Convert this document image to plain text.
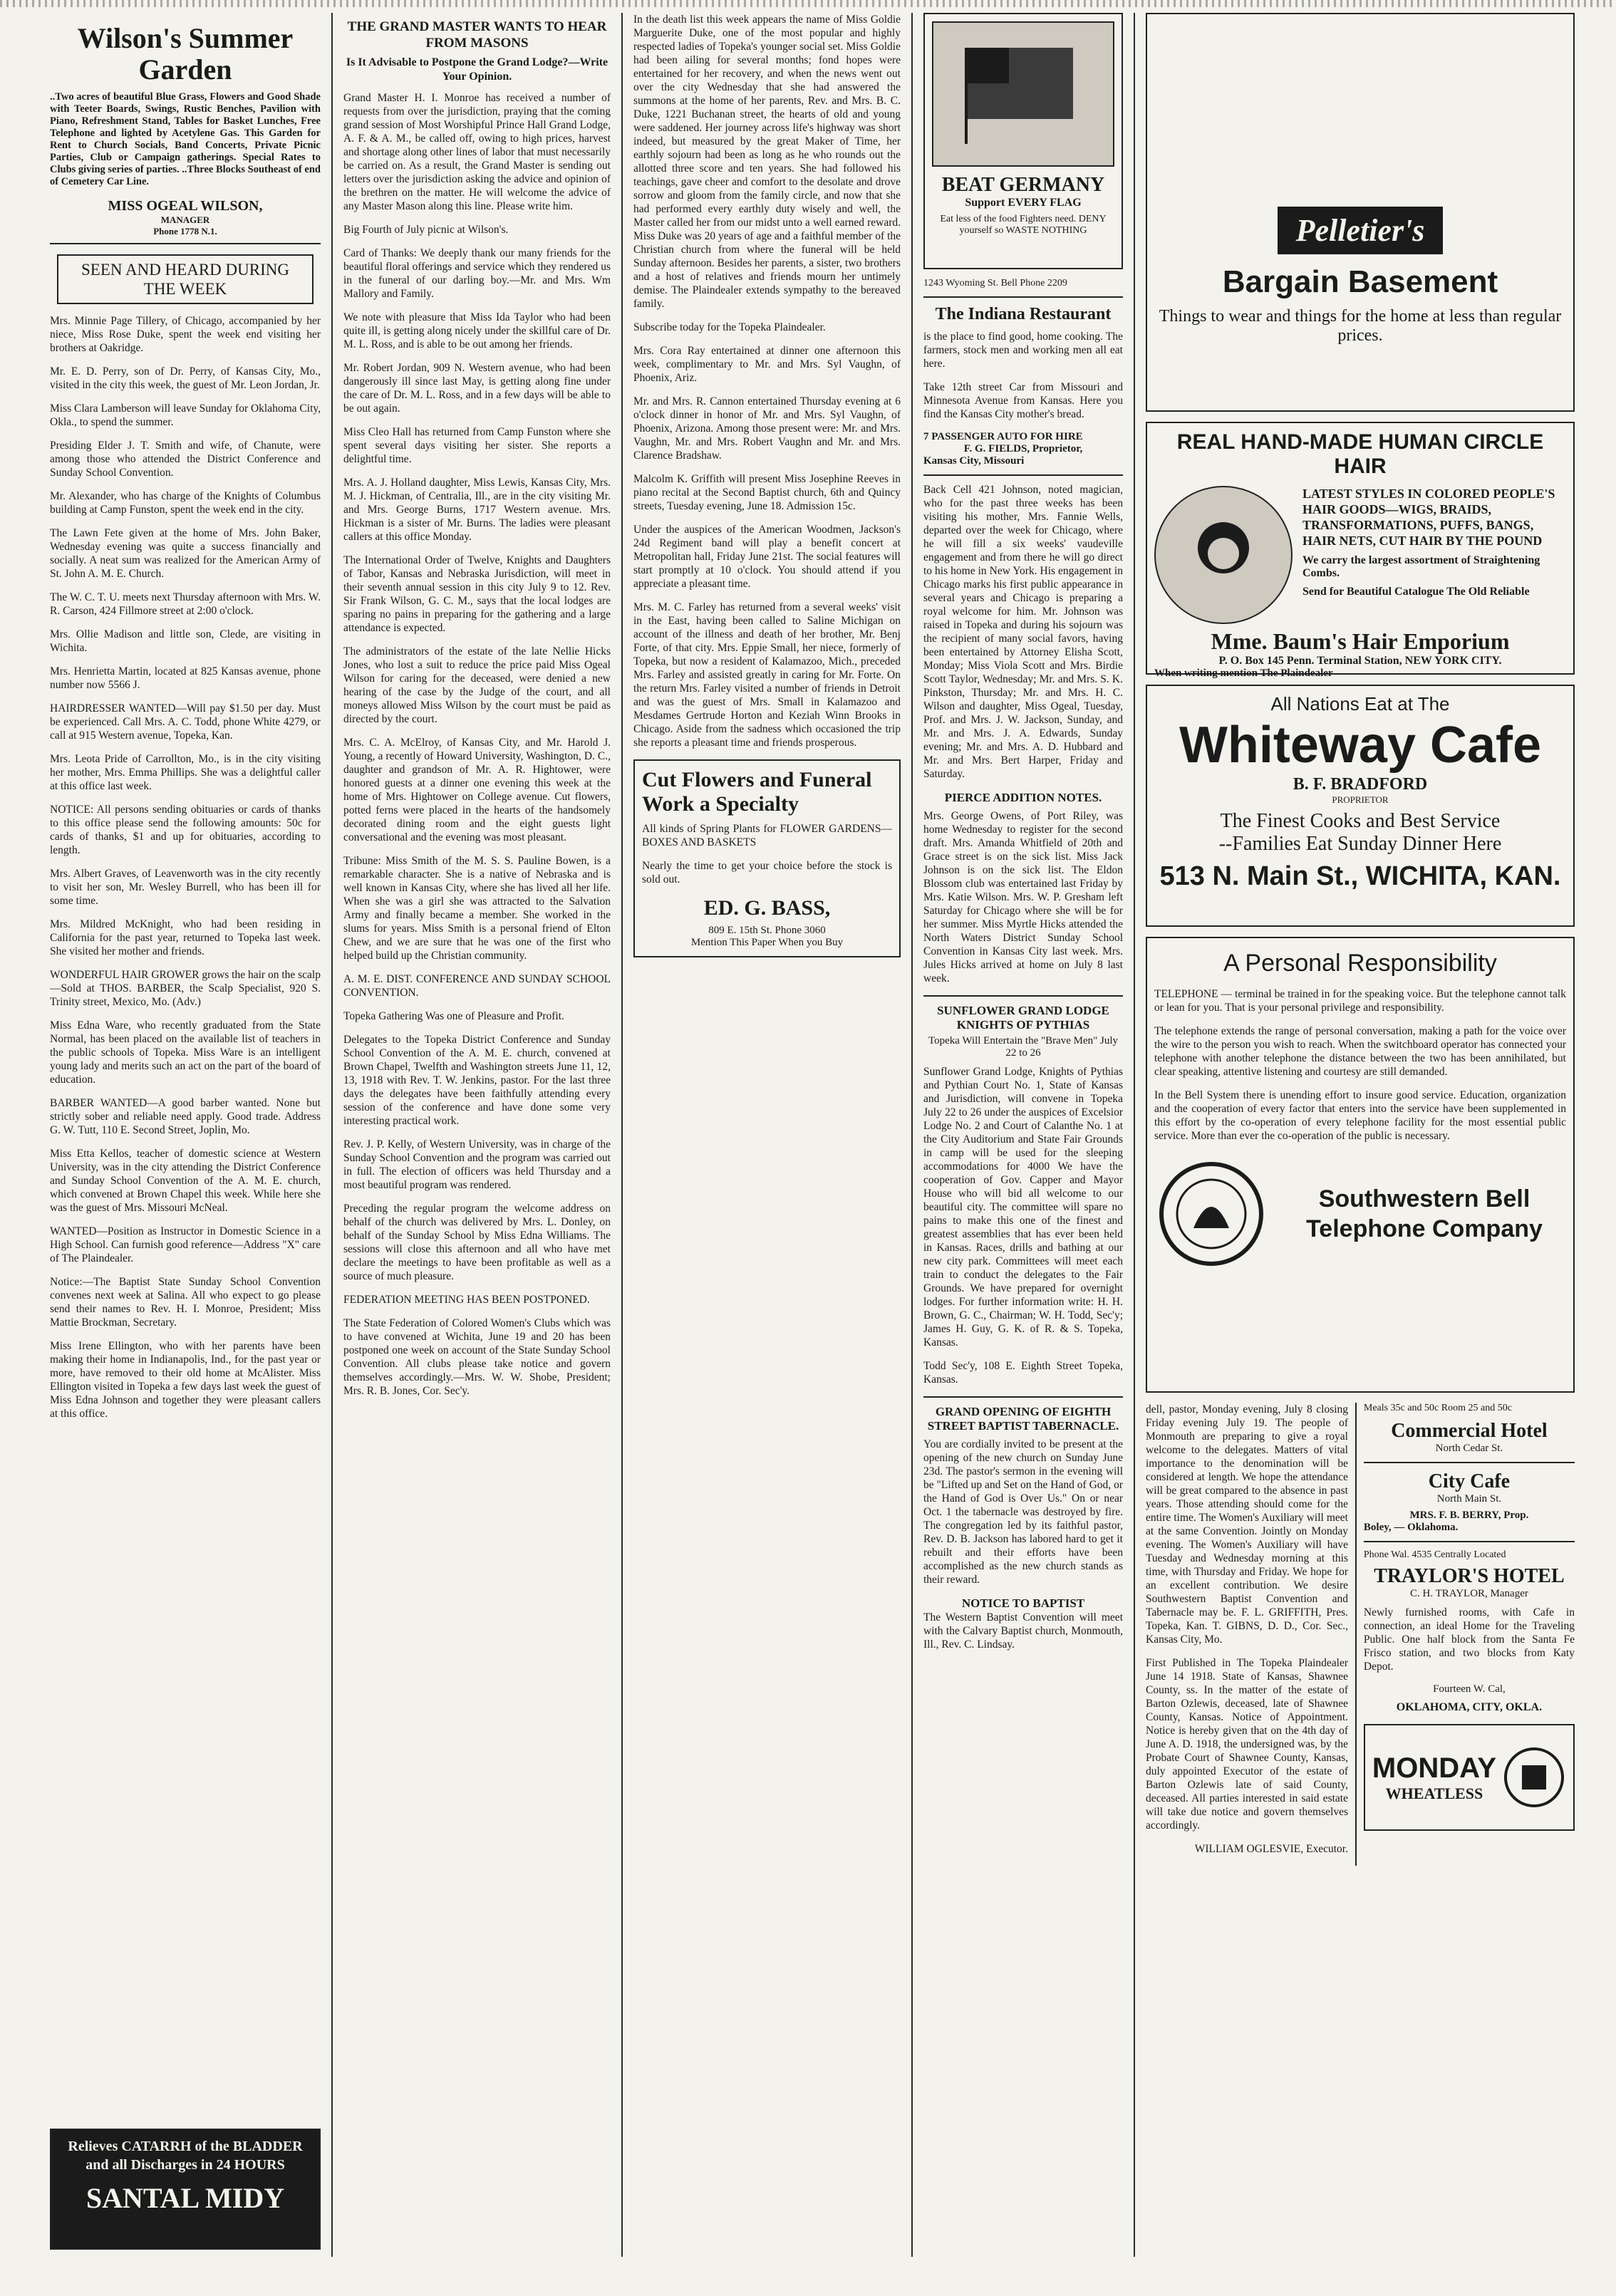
Wilson's Summer Garden

..Two acres of beautiful Blue Grass, Flowers and Good Shade with Teeter Boards, Swings, Rustic Benches, Pavilion with Piano, Refreshment Stand, Tables for Basket Lunches, Free Telephone and lighted by Acetylene Gas. This Garden for Rent to Church Socials, Band Concerts, Private Picnic Parties, Club or Campaign gatherings. Special Rates to Clubs giving series of parties. ..Three Blocks Southeast of end of Cemetery Car Line.

MISS OGEAL WILSON,
MANAGER
Phone 1778 N.1.
SEEN AND HEARD DURING THE WEEK

Mrs. Minnie Page Tillery, of Chicago, accompanied by her niece, Miss Rose Duke, spent the week end visiting her brothers at Oakridge.

Mr. E. D. Perry, son of Dr. Perry, of Kansas City, Mo., visited in the city this week, the guest of Mr. Leon Jordan, Jr.

Miss Clara Lamberson will leave Sunday for Oklahoma City, Okla., to spend the summer.

Presiding Elder J. T. Smith and wife, of Chanute, were among those who attended the District Conference and Sunday School Convention.

Mr. Alexander, who has charge of the Knights of Columbus building at Camp Funston, spent the week end in the city.

The Lawn Fete given at the home of Mrs. John Baker, Wednesday evening was quite a success financially and socially. A neat sum was realized for the American Army of St. John A. M. E. Church.

The W. C. T. U. meets next Thursday afternoon with Mrs. W. R. Carson, 424 Fillmore street at 2:00 o'clock.

Mrs. Ollie Madison and little son, Clede, are visiting in Wichita.

Mrs. Henrietta Martin, located at 825 Kansas avenue, phone number now 5566 J.

HAIRDRESSER WANTED—Will pay $1.50 per day. Must be experienced. Call Mrs. A. C. Todd, phone White 4279, or call at 915 Western avenue, Topeka, Kan.

Mrs. Leota Pride of Carrollton, Mo., is in the city visiting her mother, Mrs. Emma Phillips. She was a delightful caller at this office last week.

NOTICE: All persons sending obituaries or cards of thanks to this office please send the following amounts: 50c for cards of thanks, $1 and up for obituaries, according to length.

Mrs. Albert Graves, of Leavenworth was in the city recently to visit her son, Mr. Wesley Burrell, who has been ill for some time.

Mrs. Mildred McKnight, who had been residing in California for the past year, returned to Topeka last week. She visited her mother and friends.

WONDERFUL HAIR GROWER grows the hair on the scalp—Sold at THOS. BARBER, the Scalp Specialist, 920 S. Trinity street, Mexico, Mo. (Adv.)

Miss Edna Ware, who recently graduated from the State Normal, has been placed on the available list of teachers in the public schools of Topeka. Miss Ware is an intelligent young lady and merits such an act on the part of the board of education.

BARBER WANTED—A good barber wanted. None but strictly sober and reliable need apply. Good trade. Address G. W. Tutt, 110 E. Second Street, Joplin, Mo.

Miss Etta Kellos, teacher of domestic science at Western University, was in the city attending the District Conference and Sunday School Convention of the A. M. E. church, which convened at Brown Chapel this week. While here she was the guest of Mrs. Missouri McNeal.

WANTED—Position as Instructor in Domestic Science in a High School. Can furnish good reference—Address "X" care of The Plaindealer.

Notice:—The Baptist State Sunday School Convention convenes next week at Salina. All who expect to go please send their names to Rev. H. I. Monroe, President; Miss Mattie Brockman, Secretary.

Miss Irene Ellington, who with her parents have been making their home in Indianapolis, Ind., for the past year or more, have removed to their old home at McAlister. Miss Ellington visited in Topeka a few days last week the guest of Miss Edna Johnson and together they were pleasant callers at this office.

Relieves CATARRH of the BLADDER and all Discharges in 24 HOURS
SANTAL MIDY
THE GRAND MASTER WANTS TO HEAR FROM MASONS
Is It Advisable to Postpone the Grand Lodge?—Write Your Opinion.

Grand Master H. I. Monroe has received a number of requests from over the jurisdiction, praying that the coming grand session of Most Worshipful Prince Hall Grand Lodge, A. F. & A. M., be called off, owing to high prices, harvest and shortage along other lines of labor that must necessarily be carried on. As a result, the Grand Master is sending out letters over the jurisdiction asking the advice and opinion of the brethren on the matter. He will welcome the advice of any Master Mason along this line. Please write him.

Big Fourth of July picnic at Wilson's.

Card of Thanks: We deeply thank our many friends for the beautiful floral offerings and service which they rendered us in the funeral of our darling boy.—Mr. and Mrs. Wm Mallory and Family.

We note with pleasure that Miss Ida Taylor who had been quite ill, is getting along nicely under the skillful care of Dr. M. L. Ross, and is able to be out among her friends.

Mr. Robert Jordan, 909 N. Western avenue, who had been dangerously ill since last May, is getting along fine under the care of Dr. M. L. Ross, and in a few days will be able to be out again.

Miss Cleo Hall has returned from Camp Funston where she spent several days visiting her sister. She reports a delightful time.

Mrs. A. J. Holland daughter, Miss Lewis, Kansas City, Mrs. M. J. Hickman, of Centralia, Ill., are in the city visiting Mr. and Mrs. George Burns, 1717 Western avenue. Mrs. Hickman is a sister of Mr. Burns. The ladies were pleasant callers at this office Monday.

The International Order of Twelve, Knights and Daughters of Tabor, Kansas and Nebraska Jurisdiction, will meet in their seventh annual session in this city July 9 to 12. Rev. Sir Frank Wilson, G. C. M., says that the local lodges are sparing no pains in preparing for the gathering and a large attendance is expected.

The administrators of the estate of the late Nellie Hicks Jones, who lost a suit to reduce the price paid Miss Ogeal Wilson for caring for the deceased, were denied a new hearing of the case by the Judge of the court, and all moneys allowed Miss Wilson by the court must be paid as directed by the court.

Mrs. C. A. McElroy, of Kansas City, and Mr. Harold J. Young, a recently of Howard University, Washington, D. C., daughter and grandson of Mr. A. R. Hightower, were honored guests at a dinner one evening this week at the home of Mrs. Hightower on College avenue. Cut flowers, potted ferns were placed in the hearts of the handsomely decorated dining room and the eight guests light conversational and the evening was most pleasant.

Tribune: Miss Smith of the M. S. S. Pauline Bowen, is a remarkable character. She is a native of Nebraska and is well known in Kansas City, where she has lived all her life. When she was a girl she was attracted to the Salvation Army and finally became a member. She worked in the slums for years. Miss Smith is a personal friend of Elton Chew, and we are sure that he was one of the first who helped build up the Christian community.

A. M. E. DIST. CONFERENCE AND SUNDAY SCHOOL CONVENTION.

Topeka Gathering Was one of Pleasure and Profit.

Delegates to the Topeka District Conference and Sunday School Convention of the A. M. E. church, convened at Brown Chapel, Twelfth and Washington streets June 11, 12, 13, 1918 with Rev. T. W. Jenkins, pastor. For the last three days the delegates have been faithfully attending every session of the conference and have done some very interesting practical work.

Rev. J. P. Kelly, of Western University, was in charge of the Sunday School Convention and the program was carried out in full. The election of officers was held Thursday and a most beautiful program was rendered.

Preceding the regular program the welcome address on behalf of the church was delivered by Mrs. L. Donley, on behalf of the Sunday School by Miss Edna Williams. The sessions will close this afternoon and all who have met declare the meetings to have been profitable as well as a source of much pleasure.

FEDERATION MEETING HAS BEEN POSTPONED.

The State Federation of Colored Women's Clubs which was to have convened at Wichita, June 19 and 20 has been postponed one week on account of the State Sunday School Convention. All clubs please take notice and govern themselves accordingly.—Mrs. W. W. Shobe, President; Mrs. R. B. Jones, Cor. Sec'y.

In the death list this week appears the name of Miss Goldie Marguerite Duke, one of the most popular and highly respected ladies of Topeka's younger social set. Miss Goldie had been ailing for several months; fond hopes were entertained for her recovery, and when the news went out over the city Wednesday that she had answered the summons at the home of her parents, Rev. and Mrs. B. C. Duke, 1221 Buchanan street, the hearts of old and young were saddened. Her journey across life's highway was short indeed, but measured by the great Maker of Time, her earthly sojourn had been as long as he who rounds out the allotted three score and ten years. She had followed his teachings, gave cheer and comfort to the desolate and drove sorrow and gloom from the family circle, and now that she had performed every earthly duty wisely and well, the Master called her from our midst unto a well earned reward. Miss Duke was 20 years of age and a faithful member of the Christian church from where the funeral will be held Sunday afternoon. Besides her parents, a sister, two brothers and a host of relatives and friends mourn her untimely demise. The Plaindealer extends sympathy to the bereaved family.

Subscribe today for the Topeka Plaindealer.

Mrs. Cora Ray entertained at dinner one afternoon this week, complimentary to Mr. and Mrs. Syl Vaughn, of Phoenix, Ariz.

Mr. and Mrs. R. Cannon entertained Thursday evening at 6 o'clock dinner in honor of Mr. and Mrs. Syl Vaughn, of Phoenix, Arizona. Among those present were: Mr. and Mrs. Vaughn, Mr. and Mrs. Robert Vaughn and Mr. and Mrs. Clarence Bradshaw.

Malcolm K. Griffith will present Miss Josephine Reeves in piano recital at the Second Baptist church, 6th and Quincy streets, Tuesday evening, June 18. Admission 15c.

Under the auspices of the American Woodmen, Jackson's 24d Regiment band will play a benefit concert at Metropolitan hall, Friday June 21st. The social features will start promptly at 10 o'clock. You should attend if you appreciate a pleasant time.

Mrs. M. C. Farley has returned from a several weeks' visit in the East, having been called to Saline Michigan on account of the illness and death of her brother, Mr. Benj Forte, of that city. Mrs. Eppie Small, her niece, formerly of Topeka, but now a resident of Kalamazoo, Mich., preceded Mrs. Farley and assisted greatly in caring for Mr. Forte. On the return Mrs. Farley visited a number of friends in Detroit and was the guest of Mrs. Small in Kalamazoo and Mesdames Gertrude Horton and Keziah Winn Brooks in Chicago. Aside from the sadness which occasioned the trip she reports a pleasant time and friends prosperous.

Cut Flowers and Funeral Work a Specialty

All kinds of Spring Plants for FLOWER GARDENS—BOXES AND BASKETS

Nearly the time to get your choice before the stock is sold out.

ED. G. BASS,
809 E. 15th St. Phone 3060
Mention This Paper When you Buy
BEAT GERMANY
Support EVERY FLAG
Eat less of the food Fighters need. DENY yourself so WASTE NOTHING
1243 Wyoming St. Bell Phone 2209
The Indiana Restaurant

is the place to find good, home cooking. The farmers, stock men and working men all eat here.

Take 12th street Car from Missouri and Minnesota Avenue from Kansas. Here you find the Kansas City mother's bread.

7 PASSENGER AUTO FOR HIRE
F. G. FIELDS, Proprietor,
Kansas City, Missouri

Back Cell 421 Johnson, noted magician, who for the past three weeks has been visiting his mother, Mrs. Fannie Wells, departed over the week for Chicago, where he will fill a six weeks' vaudeville engagement and from there he will go direct to his home in New York. His engagement in Chicago marks his first public appearance in several years and Chicago is preparing a royal welcome for him. Mr. Johnson was raised in Topeka and during his sojourn was the recipient of many social favors, having been entertained by Attorney Elisha Scott, Monday; Miss Viola Scott and Mrs. Birdie Scott Taylor, Wednesday; Mr. and Mrs. S. K. Pinkston, Thursday; Mr. and Mrs. H. C. Wilson and daughter, Miss Ogeal, Tuesday, Prof. and Mrs. J. W. Jackson, Sunday, and Mr. and Mrs. J. A. Edwards, Sunday evening; Mr. and Mrs. A. D. Hubbard and Mr. and Mrs. Bert Harper, Friday and Saturday.

PIERCE ADDITION NOTES.

Mrs. George Owens, of Port Riley, was home Wednesday to register for the second draft. Mrs. Amanda Whitfield of 20th and Grace street is on the sick list. Miss Jack Johnson is on the sick list. The Eldon Blossom club was entertained last Friday by Mrs. Katie Wilson. Mrs. W. P. Gresham left Saturday for Chicago where she will be for her summer. Miss Myrtle Hicks attended the North Waters District Sunday School Convention in Kansas City last week. Mrs. Jules Hicks arrived at home on July 8 last week.

SUNFLOWER GRAND LODGE KNIGHTS OF PYTHIAS
Topeka Will Entertain the "Brave Men" July 22 to 26

Sunflower Grand Lodge, Knights of Pythias and Pythian Court No. 1, State of Kansas and Jurisdiction, will convene in Topeka July 22 to 26 under the auspices of Excelsior Lodge No. 2 and Court of Calanthe No. 1 at the City Auditorium and State Fair Grounds in camp will be used for the sleeping accommodations for 4000 We have the cooperation of Gov. Capper and Mayor House who will bid all welcome to our beautiful city. The committee will spare no pains to make this one of the finest and greatest assemblies that has ever been held in Kansas. Races, drills and bathing at our new city park. Committees will meet each train to conduct the delegates to the Fair Grounds. We have prepared for overnight lodges. For further information write: H. H. Brown, G. C., Chairman; W. H. Todd, Sec'y; James H. Guy, G. K. of R. & S. Topeka, Kansas.

Todd Sec'y, 108 E. Eighth Street Topeka, Kansas.

GRAND OPENING OF EIGHTH STREET BAPTIST TABERNACLE.

You are cordially invited to be present at the opening of the new church on Sunday June 23d. The pastor's sermon in the evening will be "Lifted up and Set on the Hand of God, or the Hand of God is Over Us." On or near Oct. 1 the tabernacle was destroyed by fire. The congregation led by its faithful pastor, Rev. D. B. Jackson has labored hard to get it rebuilt and their efforts have been accomplished as the new church stands as their reward.

NOTICE TO BAPTIST

The Western Baptist Convention will meet with the Calvary Baptist church, Monmouth, Ill., Rev. C. Lindsay.

Pelletier's
Bargain Basement
Things to wear and things for the home at less than regular prices.
REAL HAND-MADE HUMAN CIRCLE HAIR
LATEST STYLES IN COLORED PEOPLE'S HAIR GOODS—WIGS, BRAIDS, TRANSFORMATIONS, PUFFS, BANGS, HAIR NETS, CUT HAIR BY THE POUND
We carry the largest assortment of Straightening Combs.
Send for Beautiful Catalogue The Old Reliable
Mme. Baum's Hair Emporium
P. O. Box 145 Penn. Terminal Station, NEW YORK CITY.
When writing mention The Plaindealer
All Nations Eat at The
Whiteway Cafe
B. F. BRADFORD
PROPRIETOR
The Finest Cooks and Best Service
--Families Eat Sunday Dinner Here
513 N. Main St., WICHITA, KAN.
A Personal Responsibility

TELEPHONE — terminal be trained in for the speaking voice. But the telephone cannot talk or lean for you. That is your personal privilege and responsibility.

The telephone extends the range of personal conversation, making a path for the voice over the wire to the person you wish to reach. When the switchboard operator has connected your telephone with another telephone the distance between the two has been annihilated, but clear speaking, attentive listening and courtesy are still demanded.

In the Bell System there is unending effort to insure good service. Education, organization and the cooperation of every factor that enters into the service have been supplemented in this effort by the co-operation of every telephone facility for the most essential public service. More than ever the co-operation of the public is necessary.

Southwestern Bell Telephone Company

dell, pastor, Monday evening, July 8 closing Friday evening July 19. The people of Monmouth are preparing to give a royal welcome to the delegates. Matters of vital importance to the denomination will be considered at length. We hope the attendance will be great compared to the absence in past years. Those attending should come for the entire time. The Women's Auxiliary will meet at the same Convention. Jointly on Monday evening. The Women's Auxiliary will have Tuesday and Wednesday morning at this time, with Thursday and Friday. We hope for an excellent contribution. We desire Southwestern Baptist Convention and Tabernacle may be. F. L. GRIFFITH, Pres. Topeka, Kan. T. GIBNS, D. D., Cor. Sec., Kansas City, Mo.

First Published in The Topeka Plaindealer June 14 1918. State of Kansas, Shawnee County, ss. In the matter of the estate of Barton Ozlewis, deceased, late of Shawnee County, Kansas. Notice of Appointment. Notice is hereby given that on the 4th day of June A. D. 1918, the undersigned was, by the Probate Court of Shawnee County, Kansas, duly appointed Executor of the estate of Barton Ozlewis late of said County, deceased. All parties interested in said estate will take due notice and govern themselves accordingly.

WILLIAM OGLESVIE, Executor.

Meals 35c and 50c Room 25 and 50c
Commercial Hotel
North Cedar St.
City Cafe
North Main St.
MRS. F. B. BERRY, Prop.
Boley, — Oklahoma.
Phone Wal. 4535 Centrally Located
TRAYLOR'S HOTEL
C. H. TRAYLOR, Manager

Newly furnished rooms, with Cafe in connection, an ideal Home for the Traveling Public. One half block from the Santa Fe Frisco station, and two blocks from Katy Depot.

Fourteen W. Cal,
OKLAHOMA, CITY, OKLA.
MONDAY
WHEATLESS
